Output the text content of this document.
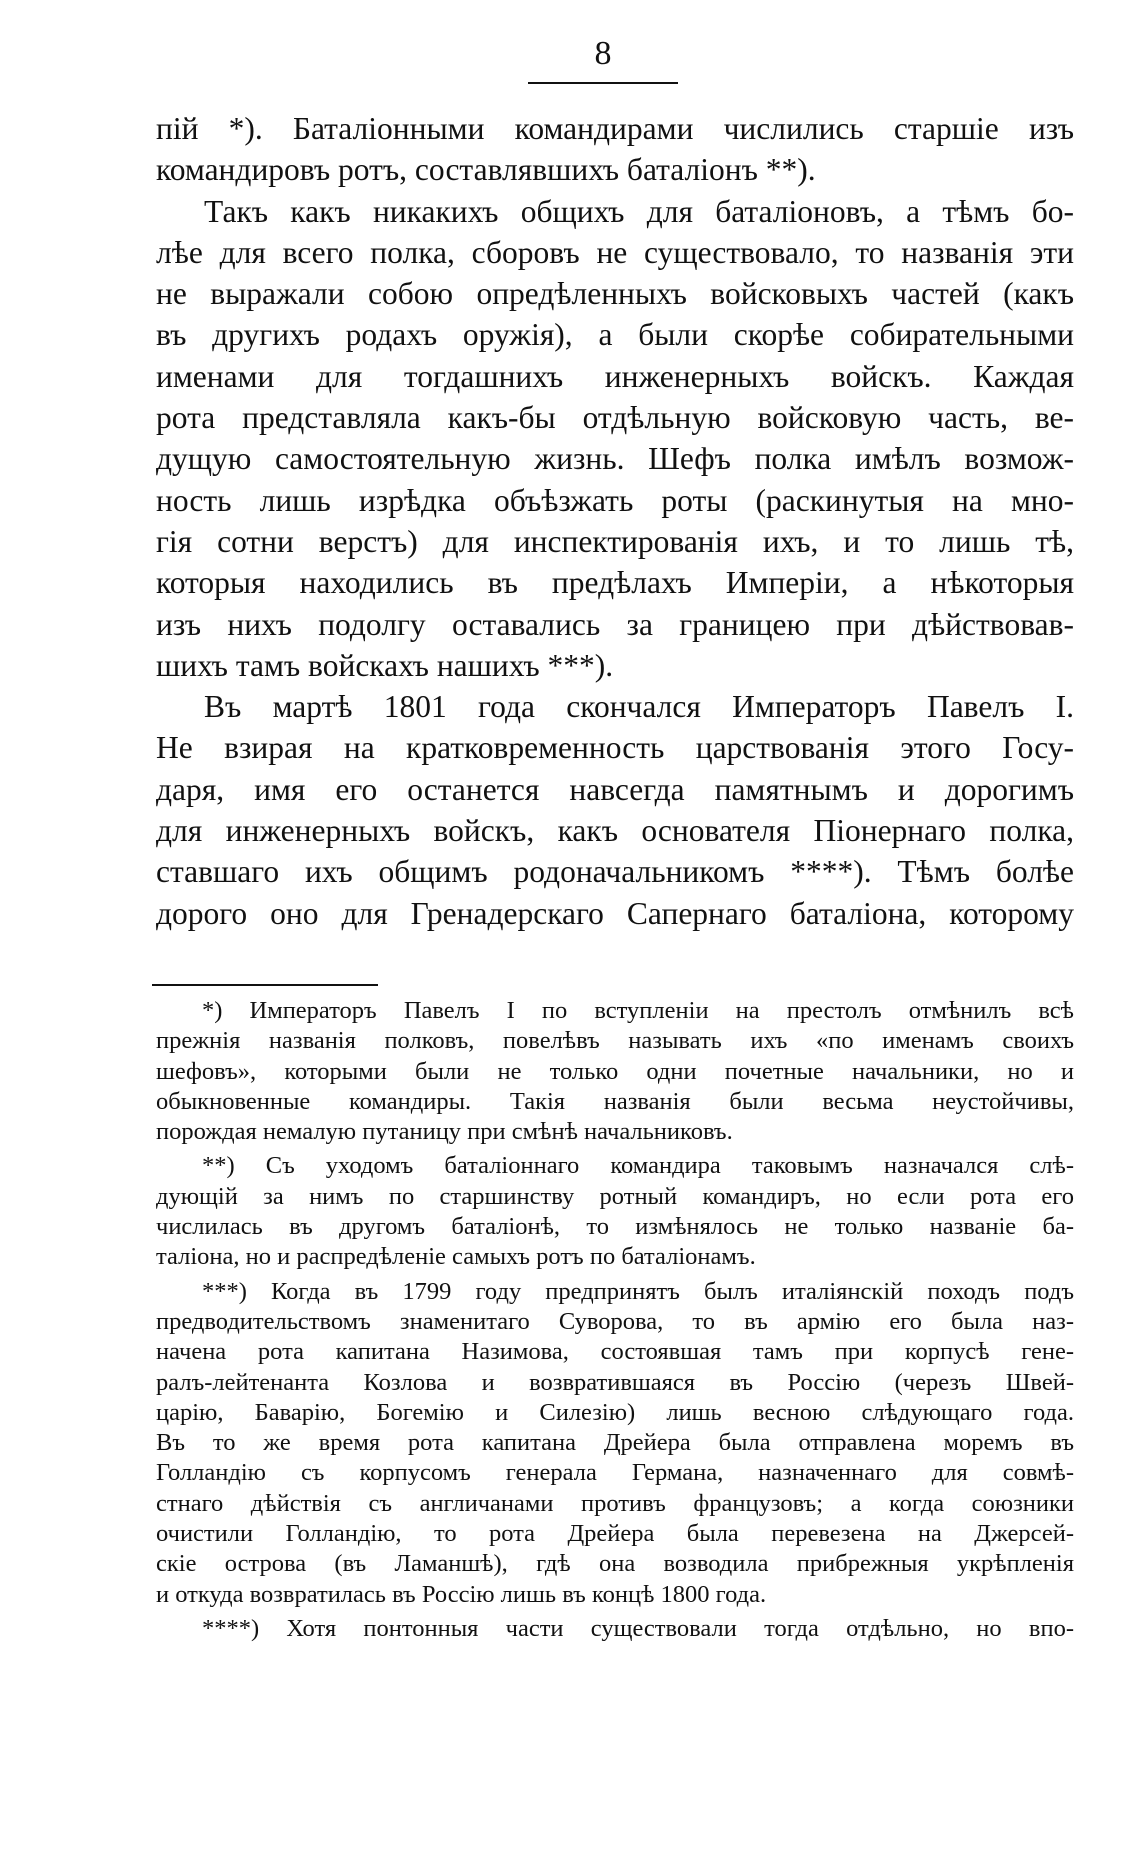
8
пій *). Баталіонными командирами числились старшіе изъ
командировъ ротъ, составлявшихъ баталіонъ **).
Такъ какъ никакихъ общихъ для баталіоновъ, а тѣмъ бо-
лѣе для всего полка, сборовъ не существовало, то названія эти
не выражали собою опредѣленныхъ войсковыхъ частей (какъ
въ другихъ родахъ оружія), а были скорѣе собирательными
именами для тогдашнихъ инженерныхъ войскъ. Каждая
рота представляла какъ-бы отдѣльную войсковую часть, ве-
дущую самостоятельную жизнь. Шефъ полка имѣлъ возмож-
ность лишь изрѣдка объѣзжать роты (раскинутыя на мно-
гія сотни верстъ) для инспектированія ихъ, и то лишь тѣ,
которыя находились въ предѣлахъ Имперіи, а нѣкоторыя
изъ нихъ подолгу оставались за границею при дѣйствовав-
шихъ тамъ войскахъ нашихъ ***).
Въ мартѣ 1801 года скончался Императоръ Павелъ I.
Не взирая на кратковременность царствованія этого Госу-
даря, имя его останется навсегда памятнымъ и дорогимъ
для инженерныхъ войскъ, какъ основателя Піонернаго полка,
ставшаго ихъ общимъ родоначальникомъ ****). Тѣмъ болѣе
дорого оно для Гренадерскаго Сапернаго баталіона, которому
*) Императоръ Павелъ I по вступленіи на престолъ отмѣнилъ всѣ
прежнія названія полковъ, повелѣвъ называть ихъ «по именамъ своихъ
шефовъ», которыми были не только одни почетные начальники, но и
обыкновенные командиры. Такія названія были весьма неустойчивы,
порождая немалую путаницу при смѣнѣ начальниковъ.
**) Съ уходомъ баталіоннаго командира таковымъ назначался слѣ-
дующій за нимъ по старшинству ротный командиръ, но если рота его
числилась въ другомъ баталіонѣ, то измѣнялось не только названіе ба-
таліона, но и распредѣленіе самыхъ ротъ по баталіонамъ.
***) Когда въ 1799 году предпринятъ былъ италіянскій походъ подъ
предводительствомъ знаменитаго Суворова, то въ армію его была наз-
начена рота капитана Назимова, состоявшая тамъ при корпусѣ гене-
ралъ-лейтенанта Козлова и возвратившаяся въ Россію (черезъ Швей-
царію, Баварію, Богемію и Силезію) лишь весною слѣдующаго года.
Въ то же время рота капитана Дрейера была отправлена моремъ въ
Голландію съ корпусомъ генерала Германа, назначеннаго для совмѣ-
стнаго дѣйствія съ англичанами противъ французовъ; а когда союзники
очистили Голландію, то рота Дрейера была перевезена на Джерсей-
скіе острова (въ Ламаншѣ), гдѣ она возводила прибрежныя укрѣпленія
и откуда возвратилась въ Россію лишь въ концѣ 1800 года.
****) Хотя понтонныя части существовали тогда отдѣльно, но впо-
